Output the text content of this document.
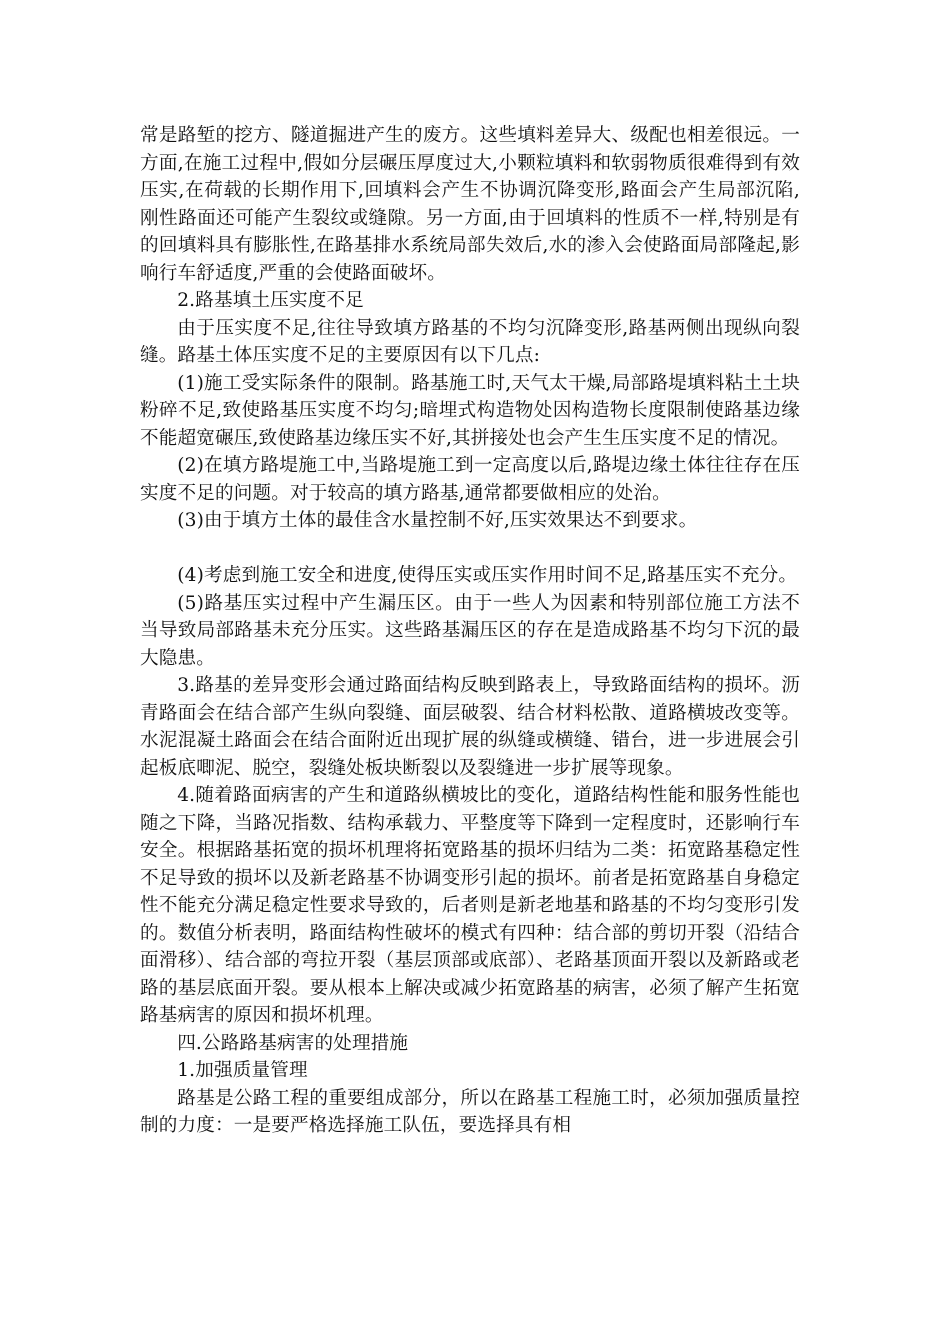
常是路堑的挖方、隧道掘进产生的废方。这些填料差异大、级配也相差很远。一方面,在施工过程中,假如分层碾压厚度过大,小颗粒填料和软弱物质很难得到有效压实,在荷载的长期作用下,回填料会产生不协调沉降变形,路面会产生局部沉陷,刚性路面还可能产生裂纹或缝隙。另一方面,由于回填料的性质不一样,特别是有的回填料具有膨胀性,在路基排水系统局部失效后,水的渗入会使路面局部隆起,影响行车舒适度,严重的会使路面破坏。

2.路基填土压实度不足

由于压实度不足,往往导致填方路基的不均匀沉降变形,路基两侧出现纵向裂缝。路基土体压实度不足的主要原因有以下几点:

(1)施工受实际条件的限制。路基施工时,天气太干燥,局部路堤填料粘土土块粉碎不足,致使路基压实度不均匀;暗埋式构造物处因构造物长度限制使路基边缘不能超宽碾压,致使路基边缘压实不好,其拼接处也会产生生压实度不足的情况。

(2)在填方路堤施工中,当路堤施工到一定高度以后,路堤边缘土体往往存在压实度不足的问题。对于较高的填方路基,通常都要做相应的处治。

(3)由于填方土体的最佳含水量控制不好,压实效果达不到要求。

(4)考虑到施工安全和进度,使得压实或压实作用时间不足,路基压实不充分。

(5)路基压实过程中产生漏压区。由于一些人为因素和特别部位施工方法不当导致局部路基未充分压实。这些路基漏压区的存在是造成路基不均匀下沉的最大隐患。

3.路基的差异变形会通过路面结构反映到路表上，导致路面结构的损坏。沥青路面会在结合部产生纵向裂缝、面层破裂、结合材料松散、道路横坡改变等。水泥混凝土路面会在结合面附近出现扩展的纵缝或横缝、错台，进一步进展会引起板底唧泥、脱空，裂缝处板块断裂以及裂缝进一步扩展等现象。

4.随着路面病害的产生和道路纵横坡比的变化，道路结构性能和服务性能也随之下降，当路况指数、结构承载力、平整度等下降到一定程度时，还影响行车安全。根据路基拓宽的损坏机理将拓宽路基的损坏归结为二类：拓宽路基稳定性不足导致的损坏以及新老路基不协调变形引起的损坏。前者是拓宽路基自身稳定性不能充分满足稳定性要求导致的，后者则是新老地基和路基的不均匀变形引发的。数值分析表明，路面结构性破坏的模式有四种：结合部的剪切开裂（沿结合面滑移）、结合部的弯拉开裂（基层顶部或底部）、老路基顶面开裂以及新路或老路的基层底面开裂。要从根本上解决或减少拓宽路基的病害，必须了解产生拓宽路基病害的原因和损坏机理。

四.公路路基病害的处理措施

1.加强质量管理

路基是公路工程的重要组成部分，所以在路基工程施工时，必须加强质量控制的力度：一是要严格选择施工队伍，要选择具有相
